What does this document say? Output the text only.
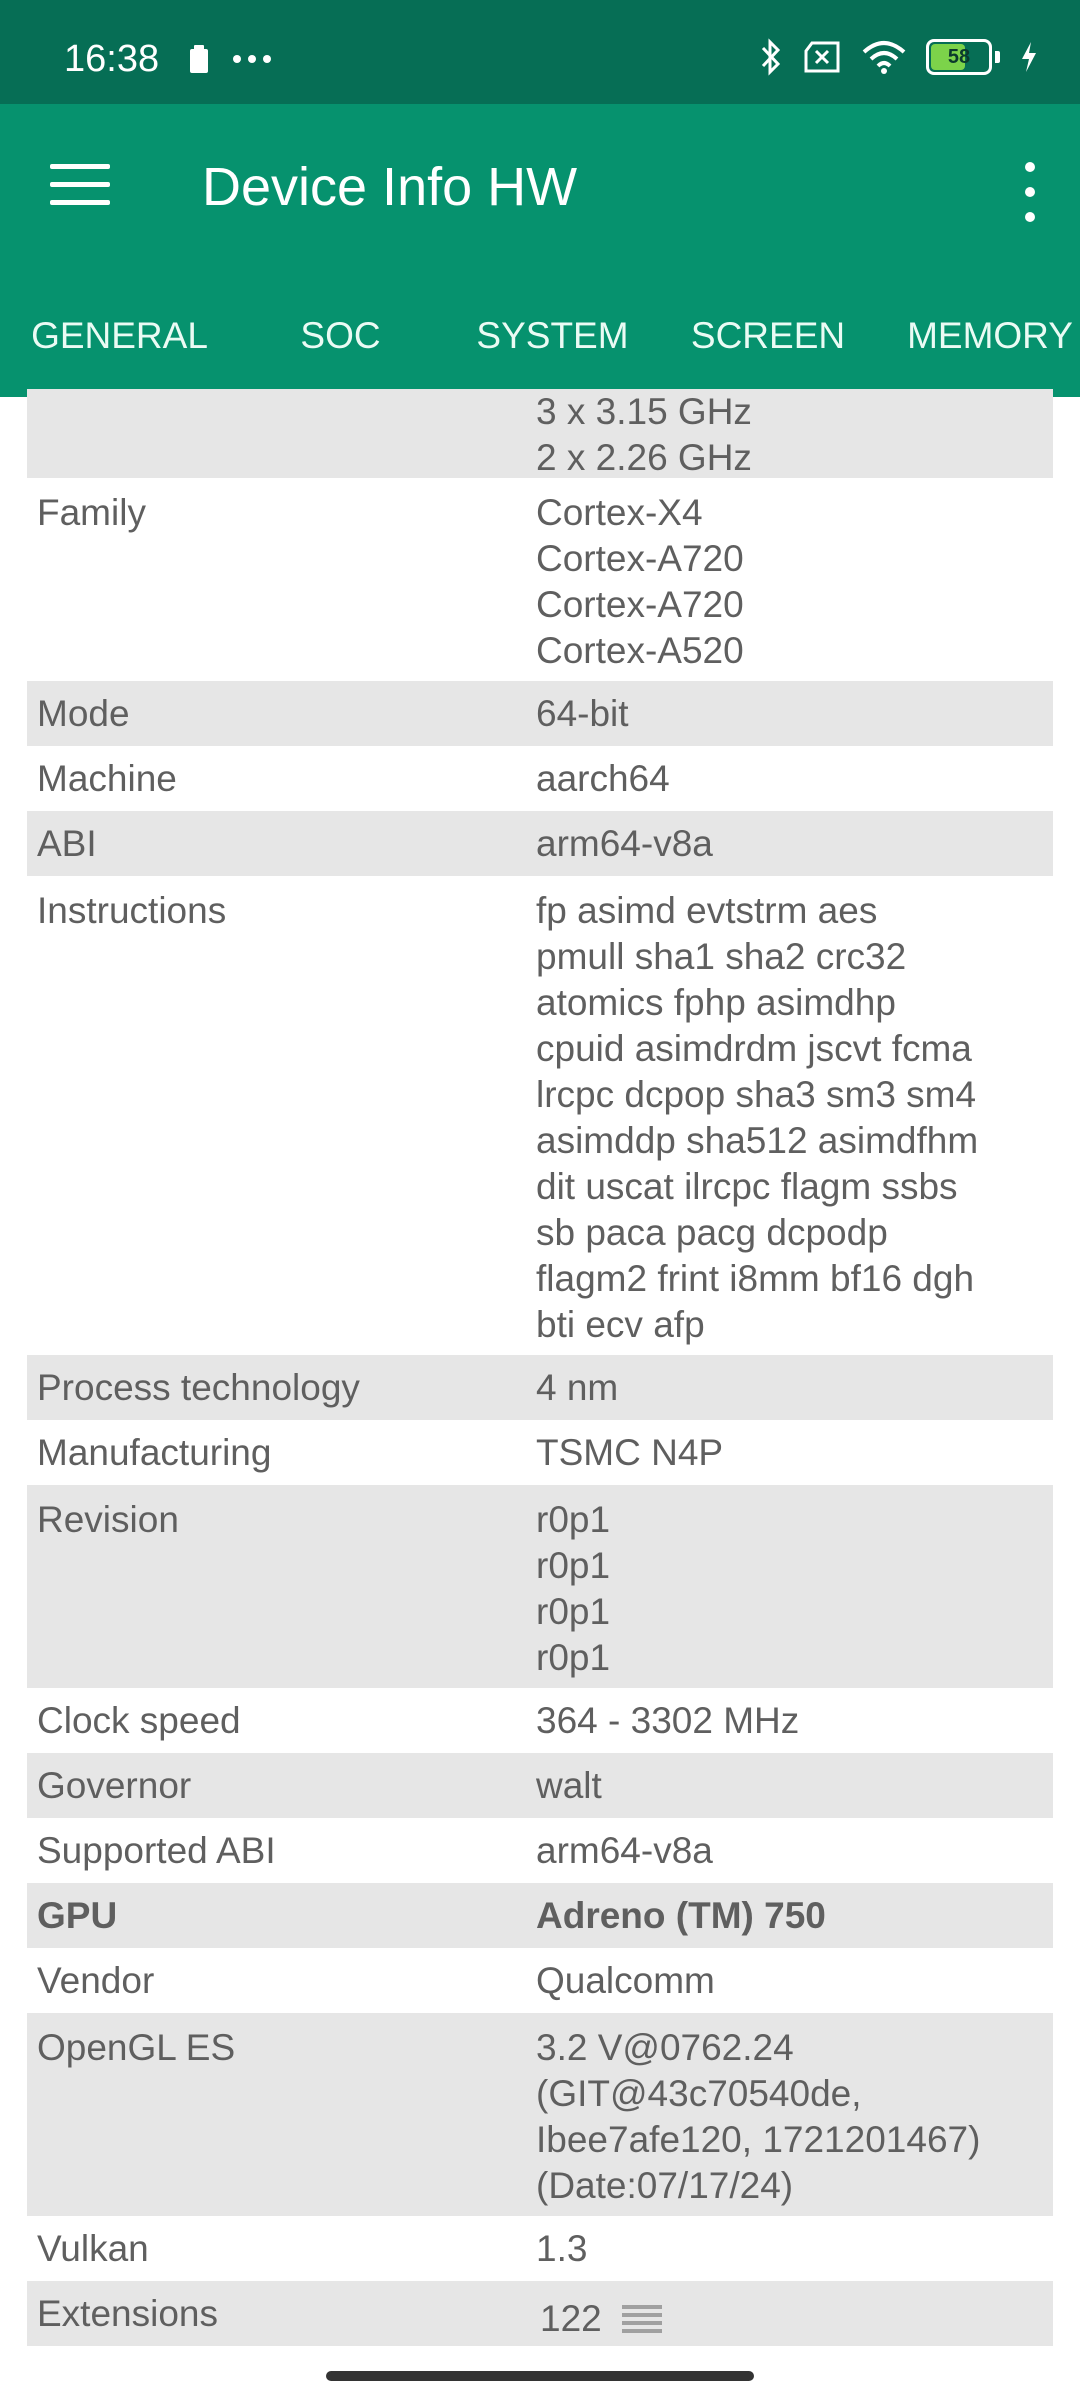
16:38	58
Device Info HW
GENERAL	SOC	SYSTEM	SCREEN	MEMORY
3 x 3.15 GHz
2 x 2.26 GHz
Family	Cortex-X4
Cortex-A720
Cortex-A720
Cortex-A520
Mode	64-bit
Machine	aarch64
ABI	arm64-v8a
Instructions	fp asimd evtstrm aes
pmull sha1 sha2 crc32
atomics fphp asimdhp
cpuid asimdrdm jscvt fcma
lrcpc dcpop sha3 sm3 sm4
asimddp sha512 asimdfhm
dit uscat ilrcpc flagm ssbs
sb paca pacg dcpodp
flagm2 frint i8mm bf16 dgh
bti ecv afp
Process technology	4 nm
Manufacturing	TSMC N4P
Revision	r0p1
r0p1
r0p1
r0p1
Clock speed	364 - 3302 MHz
Governor	walt
Supported ABI	arm64-v8a
GPU	Adreno (TM) 750
Vendor	Qualcomm
OpenGL ES	3.2 V@0762.24
(GIT@43c70540de,
Ibee7afe120, 1721201467)
(Date:07/17/24)
Vulkan	1.3
Extensions	122
